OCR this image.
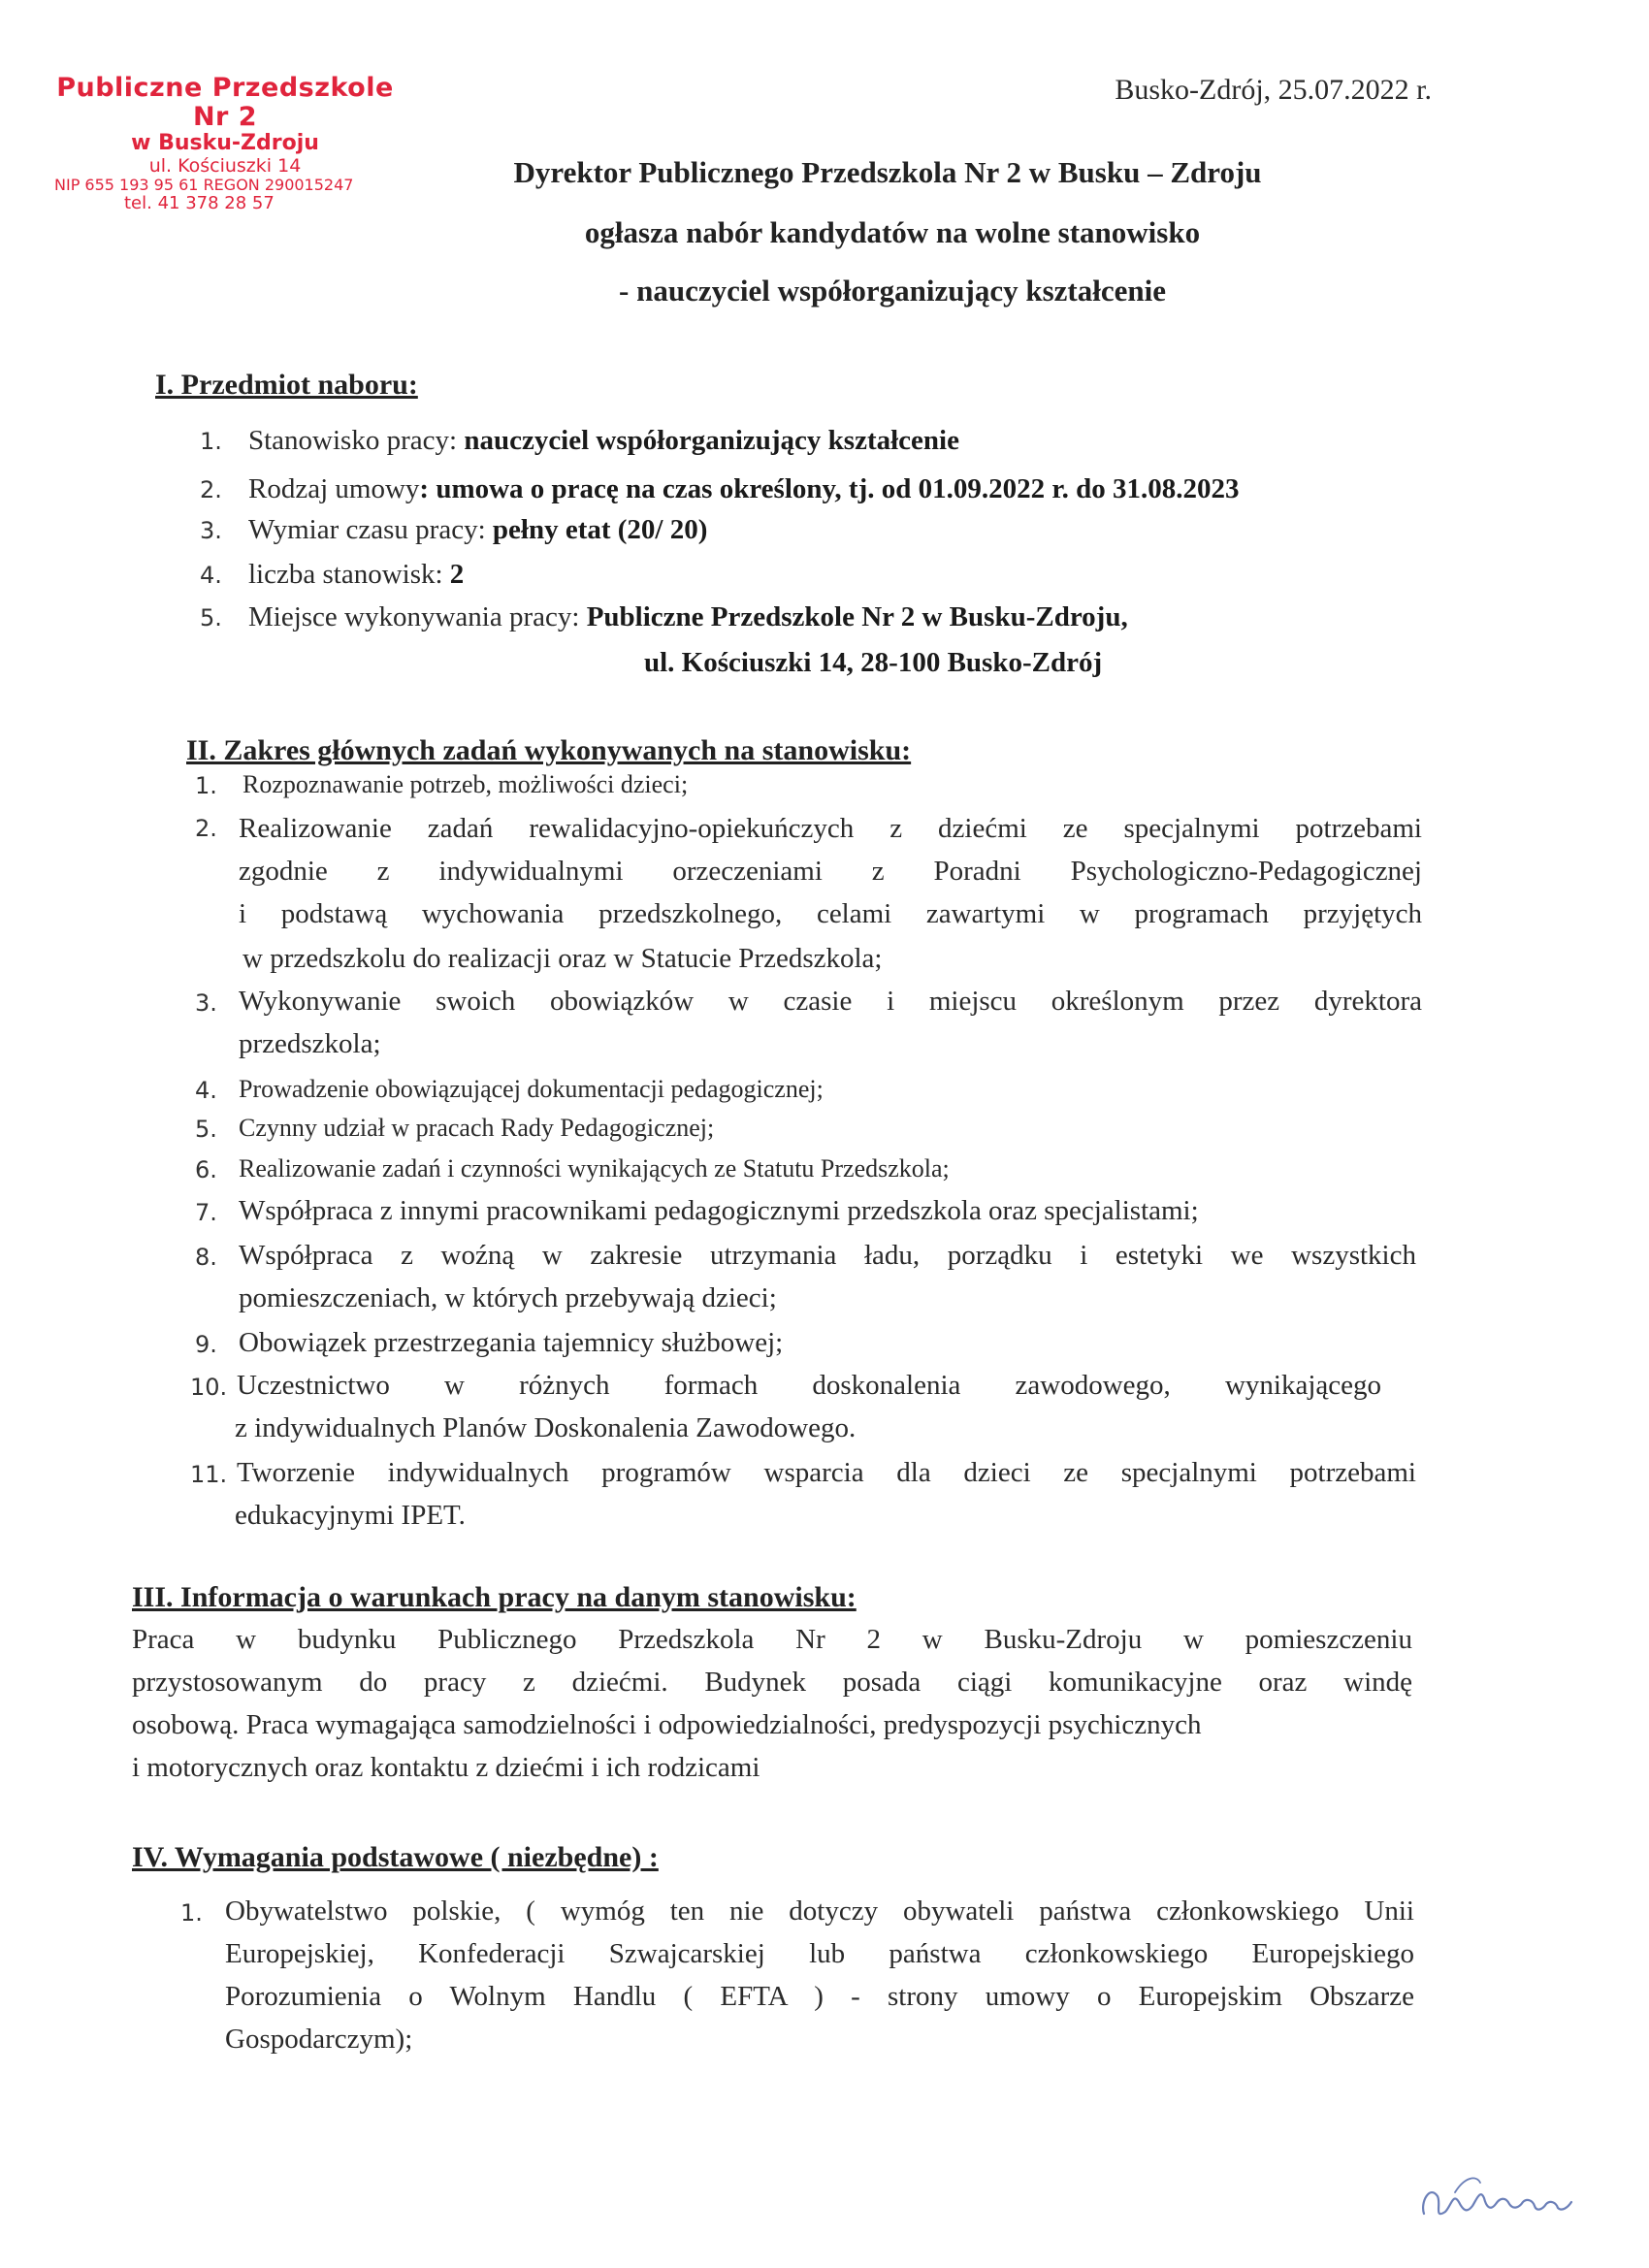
Publiczne Przedszkole Nr 2
w Busku-Zdroju
ul. Kościuszki 14
NIP 655 193 95 61 REGON 290015247
tel. 41 378 28 57
Busko-Zdrój, 25.07.2022 r.
Dyrektor Publicznego Przedszkola Nr 2 w Busku – Zdroju
ogłasza nabór kandydatów na wolne stanowisko
- nauczyciel współorganizujący kształcenie
I. Przedmiot naboru:
1. Stanowisko pracy: nauczyciel współorganizujący kształcenie
2. Rodzaj umowy: umowa o pracę na czas określony, tj. od 01.09.2022 r. do 31.08.2023
3. Wymiar czasu pracy: pełny etat (20/ 20)
4. liczba stanowisk: 2
5. Miejsce wykonywania pracy: Publiczne Przedszkole Nr 2 w Busku-Zdroju,
ul. Kościuszki 14, 28-100 Busko-Zdrój
II. Zakres głównych zadań wykonywanych na stanowisku:
1. Rozpoznawanie potrzeb, możliwości dzieci;
2. Realizowanie zadań rewalidacyjno-opiekuńczych z dziećmi ze specjalnymi potrzebami
zgodnie z indywidualnymi orzeczeniami z Poradni Psychologiczno-Pedagogicznej
i podstawą wychowania przedszkolnego, celami zawartymi w programach przyjętych
w przedszkolu do realizacji oraz w Statucie Przedszkola;
3. Wykonywanie swoich obowiązków w czasie i miejscu określonym przez dyrektora
przedszkola;
4. Prowadzenie obowiązującej dokumentacji pedagogicznej;
5. Czynny udział w pracach Rady Pedagogicznej;
6. Realizowanie zadań i czynności wynikających ze Statutu Przedszkola;
7. Współpraca z innymi pracownikami pedagogicznymi przedszkola oraz specjalistami;
8. Współpraca z woźną w zakresie utrzymania ładu, porządku i estetyki we wszystkich
pomieszczeniach, w których przebywają dzieci;
9. Obowiązek przestrzegania tajemnicy służbowej;
10. Uczestnictwo w różnych formach doskonalenia zawodowego, wynikającego
z indywidualnych Planów Doskonalenia Zawodowego.
11. Tworzenie indywidualnych programów wsparcia dla dzieci ze specjalnymi potrzebami
edukacyjnymi IPET.
III. Informacja o warunkach pracy na danym stanowisku:
Praca w budynku Publicznego Przedszkola Nr 2 w Busku-Zdroju w pomieszczeniu
przystosowanym do pracy z dziećmi. Budynek posada ciągi komunikacyjne oraz windę
osobową. Praca wymagająca samodzielności i odpowiedzialności, predyspozycji psychicznych
i motorycznych oraz kontaktu z dziećmi i ich rodzicami
IV. Wymagania podstawowe ( niezbędne) :
1. Obywatelstwo polskie, ( wymóg ten nie dotyczy obywateli państwa członkowskiego Unii
Europejskiej, Konfederacji Szwajcarskiej lub państwa członkowskiego Europejskiego
Porozumienia o Wolnym Handlu ( EFTA ) - strony umowy o Europejskim Obszarze
Gospodarczym);
